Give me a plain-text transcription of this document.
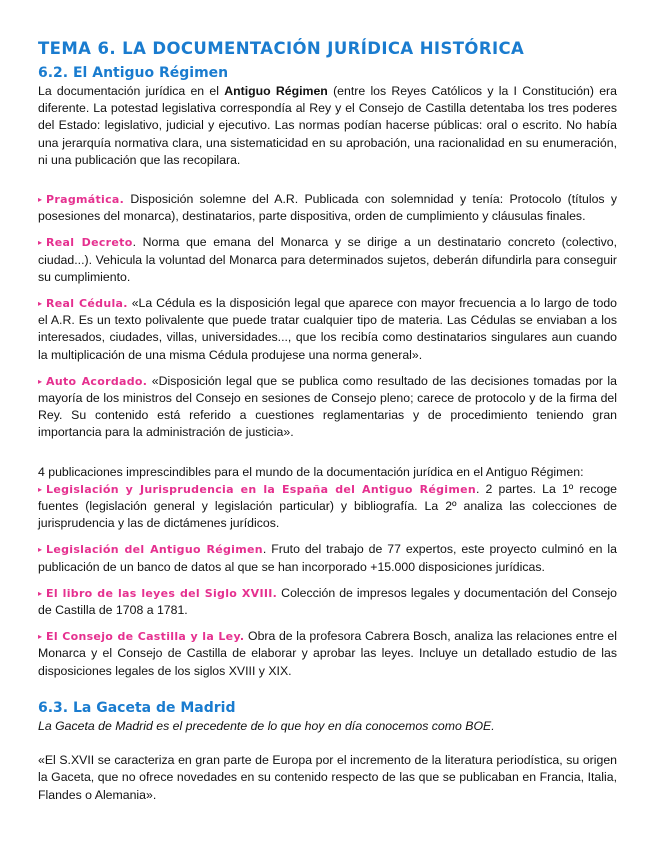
TEMA 6. LA DOCUMENTACIÓN JURÍDICA HISTÓRICA
6.2. El Antiguo Régimen

La documentación jurídica en el Antiguo Régimen (entre los Reyes Católicos y la I Constitución) era diferente. La potestad legislativa correspondía al Rey y el Consejo de Castilla detentaba los tres poderes del Estado: legislativo, judicial y ejecutivo. Las normas podían hacerse públicas: oral o escrito. No había una jerarquía normativa clara, una sistematicidad en su aprobación, una racionalidad en su enumeración, ni una publicación que las recopilara.

▸ Pragmática. Disposición solemne del A.R. Publicada con solemnidad y tenía: Protocolo (títulos y posesiones del monarca), destinatarios, parte dispositiva, orden de cumplimiento y cláusulas finales.

▸ Real Decreto. Norma que emana del Monarca y se dirige a un destinatario concreto (colectivo, ciudad...). Vehicula la voluntad del Monarca para determinados sujetos, deberán difundirla para conseguir su cumplimiento.

▸ Real Cédula. «La Cédula es la disposición legal que aparece con mayor frecuencia a lo largo de todo el A.R. Es un texto polivalente que puede tratar cualquier tipo de materia. Las Cédulas se enviaban a los interesados, ciudades, villas, universidades..., que los recibía como destinatarios singulares aun cuando la multiplicación de una misma Cédula produjese una norma general».

▸ Auto Acordado. «Disposición legal que se publica como resultado de las decisiones tomadas por la mayoría de los ministros del Consejo en sesiones de Consejo pleno; carece de protocolo y de la firma del Rey. Su contenido está referido a cuestiones reglamentarias y de procedimiento teniendo gran importancia para la administración de justicia».

4 publicaciones imprescindibles para el mundo de la documentación jurídica en el Antiguo Régimen:

▸ Legislación y Jurisprudencia en la España del Antiguo Régimen. 2 partes. La 1º recoge fuentes (legislación general y legislación particular) y bibliografía. La 2º analiza las colecciones de jurisprudencia y las de dictámenes jurídicos.

▸ Legislación del Antiguo Régimen. Fruto del trabajo de 77 expertos, este proyecto culminó en la publicación de un banco de datos al que se han incorporado +15.000 disposiciones jurídicas.

▸ El libro de las leyes del Siglo XVIII. Colección de impresos legales y documentación del Consejo de Castilla de 1708 a 1781.

▸ El Consejo de Castilla y la Ley. Obra de la profesora Cabrera Bosch, analiza las relaciones entre el Monarca y el Consejo de Castilla de elaborar y aprobar las leyes. Incluye un detallado estudio de las disposiciones legales de los siglos XVIII y XIX.

6.3. La Gaceta de Madrid

La Gaceta de Madrid es el precedente de lo que hoy en día conocemos como BOE.

«El S.XVII se caracteriza en gran parte de Europa por el incremento de la literatura periodística, su origen la Gaceta, que no ofrece novedades en su contenido respecto de las que se publicaban en Francia, Italia, Flandes o Alemania».
